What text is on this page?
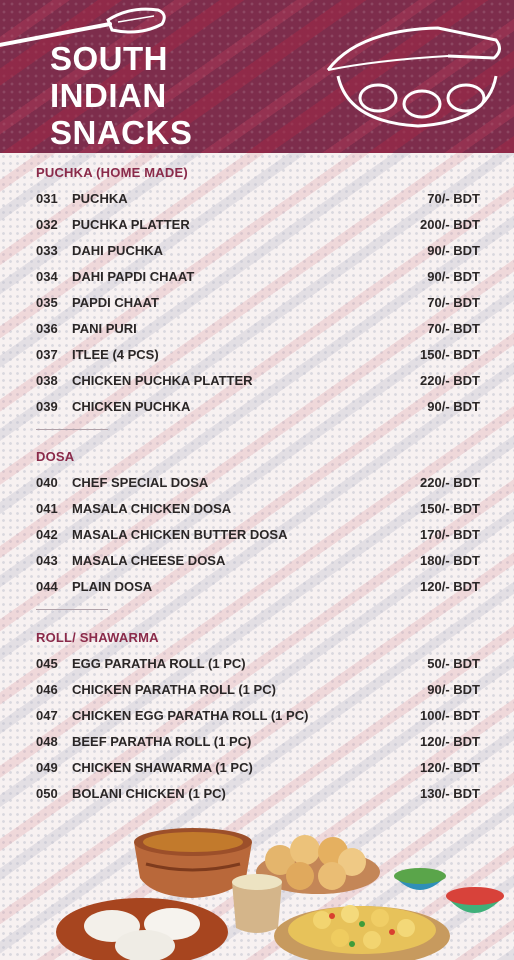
SOUTH
INDIAN
SNACKS
PUCHKA (HOME MADE)
031	PUCHKA	70/- BDT
032	PUCHKA PLATTER	200/- BDT
033	DAHI PUCHKA	90/- BDT
034	DAHI PAPDI CHAAT	90/- BDT
035	PAPDI CHAAT	70/- BDT
036	PANI PURI	70/- BDT
037	ITLEE (4 PCS)	150/- BDT
038	CHICKEN PUCHKA PLATTER	220/- BDT
039	CHICKEN PUCHKA	90/- BDT
DOSA
040	CHEF SPECIAL DOSA	220/- BDT
041	MASALA CHICKEN DOSA	150/- BDT
042	MASALA CHICKEN BUTTER DOSA	170/- BDT
043	MASALA CHEESE DOSA	180/- BDT
044	PLAIN DOSA	120/- BDT
ROLL/ SHAWARMA
045	EGG PARATHA ROLL (1 PC)	50/- BDT
046	CHICKEN PARATHA ROLL (1 PC)	90/- BDT
047	CHICKEN EGG PARATHA ROLL (1 PC)	100/- BDT
048	BEEF PARATHA ROLL (1 PC)	120/- BDT
049	CHICKEN SHAWARMA (1 PC)	120/- BDT
050	BOLANI CHICKEN (1 PC)	130/- BDT
